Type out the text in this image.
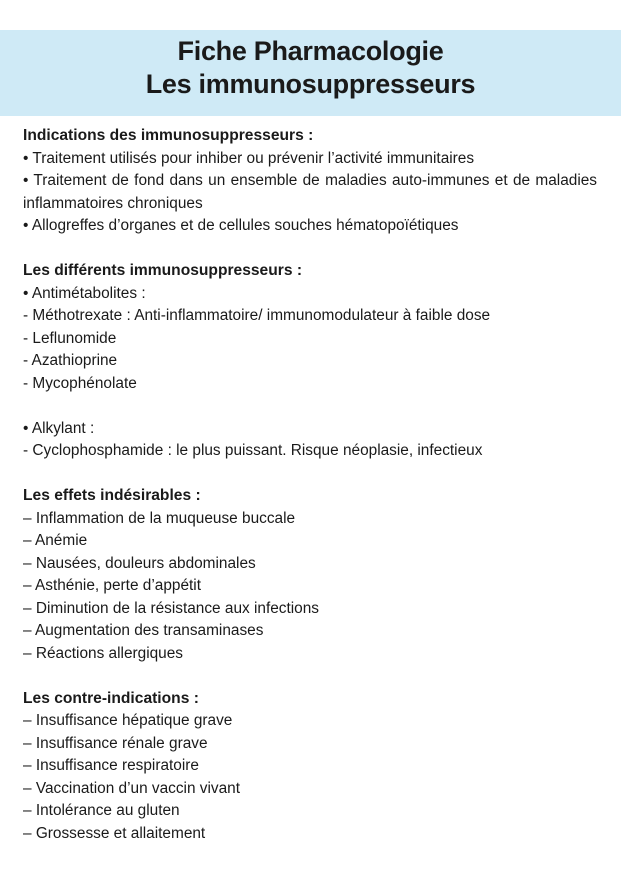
Fiche Pharmacologie
Les immunosuppresseurs

Indications des immunosuppresseurs :

• Traitement utilisés pour inhiber ou prévenir l’activité immunitaires

• Traitement de fond dans un ensemble de maladies auto-immunes et de maladies inflammatoires chroniques

• Allogreffes d’organes et de cellules souches hématopoïétiques

Les différents immunosuppresseurs :

• Antimétabolites :

- Méthotrexate : Anti-inflammatoire/ immunomodulateur à faible dose

- Leflunomide

- Azathioprine

- Mycophénolate

• Alkylant :

- Cyclophosphamide : le plus puissant. Risque néoplasie, infectieux

Les effets indésirables :

– Inflammation de la muqueuse buccale

– Anémie

– Nausées, douleurs abdominales

– Asthénie, perte d’appétit

– Diminution de la résistance aux infections

– Augmentation des transaminases

– Réactions allergiques

Les contre-indications :

– Insuffisance hépatique grave

– Insuffisance rénale grave

– Insuffisance respiratoire

– Vaccination d’un vaccin vivant

– Intolérance au gluten

– Grossesse et allaitement
